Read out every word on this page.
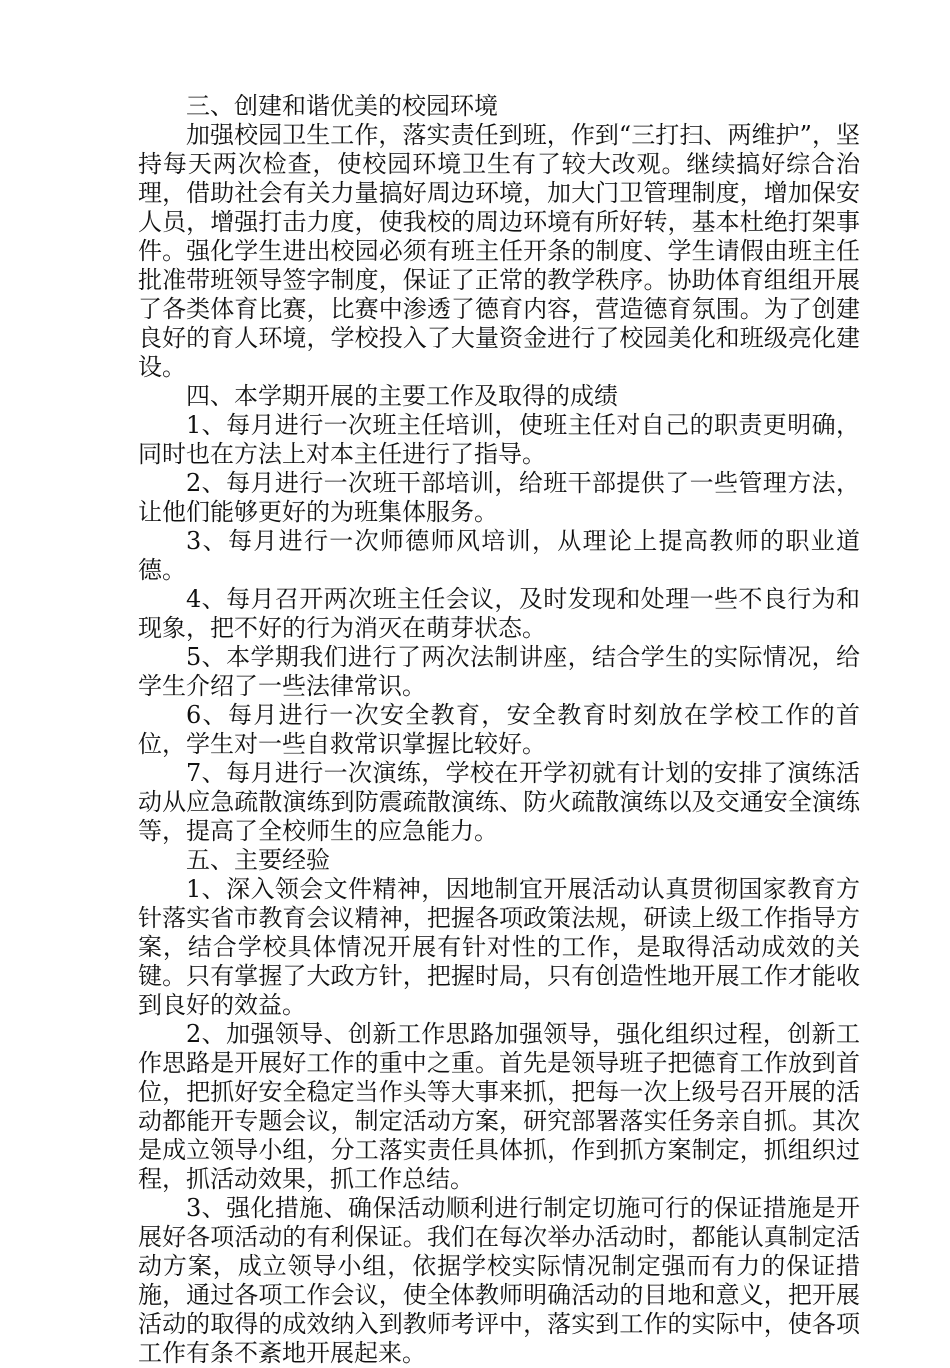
三、创建和谐优美的校园环境

加强校园卫生工作，落实责任到班，作到“三打扫、两维护”，坚持每天两次检查，使校园环境卫生有了较大改观。继续搞好综合治理，借助社会有关力量搞好周边环境，加大门卫管理制度，增加保安人员，增强打击力度，使我校的周边环境有所好转，基本杜绝打架事件。强化学生进出校园必须有班主任开条的制度、学生请假由班主任批准带班领导签字制度，保证了正常的教学秩序。协助体育组组开展了各类体育比赛，比赛中渗透了德育内容，营造德育氛围。为了创建良好的育人环境，学校投入了大量资金进行了校园美化和班级亮化建设。

四、本学期开展的主要工作及取得的成绩

1、每月进行一次班主任培训，使班主任对自己的职责更明确，同时也在方法上对本主任进行了指导。

2、每月进行一次班干部培训，给班干部提供了一些管理方法，让他们能够更好的为班集体服务。

3、每月进行一次师德师风培训，从理论上提高教师的职业道德。

4、每月召开两次班主任会议，及时发现和处理一些不良行为和现象，把不好的行为消灭在萌芽状态。

5、本学期我们进行了两次法制讲座，结合学生的实际情况，给学生介绍了一些法律常识。

6、每月进行一次安全教育，安全教育时刻放在学校工作的首位，学生对一些自救常识掌握比较好。

7、每月进行一次演练，学校在开学初就有计划的安排了演练活动从应急疏散演练到防震疏散演练、防火疏散演练以及交通安全演练等，提高了全校师生的应急能力。

五、主要经验

1、深入领会文件精神，因地制宜开展活动认真贯彻国家教育方针落实省市教育会议精神，把握各项政策法规，研读上级工作指导方案，结合学校具体情况开展有针对性的工作，是取得活动成效的关键。只有掌握了大政方针，把握时局，只有创造性地开展工作才能收到良好的效益。

2、加强领导、创新工作思路加强领导，强化组织过程，创新工作思路是开展好工作的重中之重。首先是领导班子把德育工作放到首位，把抓好安全稳定当作头等大事来抓，把每一次上级号召开展的活动都能开专题会议，制定活动方案，研究部署落实任务亲自抓。其次是成立领导小组，分工落实责任具体抓，作到抓方案制定，抓组织过程，抓活动效果，抓工作总结。

3、强化措施、确保活动顺利进行制定切施可行的保证措施是开展好各项活动的有利保证。我们在每次举办活动时，都能认真制定活动方案，成立领导小组，依据学校实际情况制定强而有力的保证措施，通过各项工作会议，使全体教师明确活动的目地和意义，把开展活动的取得的成效纳入到教师考评中，落实到工作的实际中，使各项工作有条不紊地开展起来。
